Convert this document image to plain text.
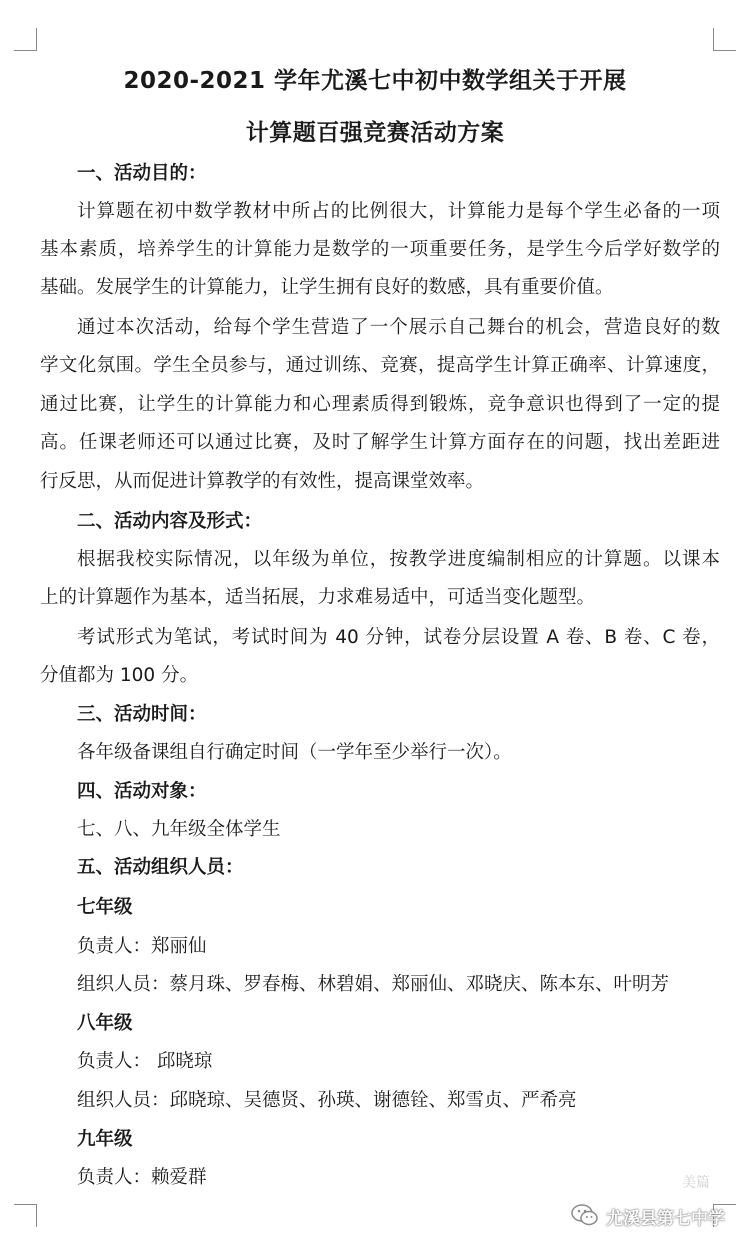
2020-2021 学年尤溪七中初中数学组关于开展
计算题百强竞赛活动方案
一、活动目的：
计算题在初中数学教材中所占的比例很大，计算能力是每个学生必备的一项
基本素质，培养学生的计算能力是数学的一项重要任务，是学生今后学好数学的
基础。发展学生的计算能力，让学生拥有良好的数感，具有重要价值。
通过本次活动，给每个学生营造了一个展示自己舞台的机会，营造良好的数
学文化氛围。学生全员参与，通过训练、竞赛，提高学生计算正确率、计算速度，
通过比赛，让学生的计算能力和心理素质得到锻炼，竞争意识也得到了一定的提
高。任课老师还可以通过比赛，及时了解学生计算方面存在的问题，找出差距进
行反思，从而促进计算教学的有效性，提高课堂效率。
二、活动内容及形式：
根据我校实际情况，以年级为单位，按教学进度编制相应的计算题。以课本
上的计算题作为基本，适当拓展，力求难易适中，可适当变化题型。
考试形式为笔试，考试时间为 40 分钟，试卷分层设置 A 卷、B 卷、C 卷，
分值都为 100 分。
三、活动时间：
各年级备课组自行确定时间（一学年至少举行一次）。
四、活动对象：
七、八、九年级全体学生
五、活动组织人员：
七年级
负责人：郑丽仙
组织人员：蔡月珠、罗春梅、林碧娟、郑丽仙、邓晓庆、陈本东、叶明芳
八年级
负责人： 邱晓琼
组织人员：邱晓琼、吴德贤、孙瑛、谢德铨、郑雪贞、严希亮
九年级
负责人：赖爱群	美篇
尤溪县第七中学
